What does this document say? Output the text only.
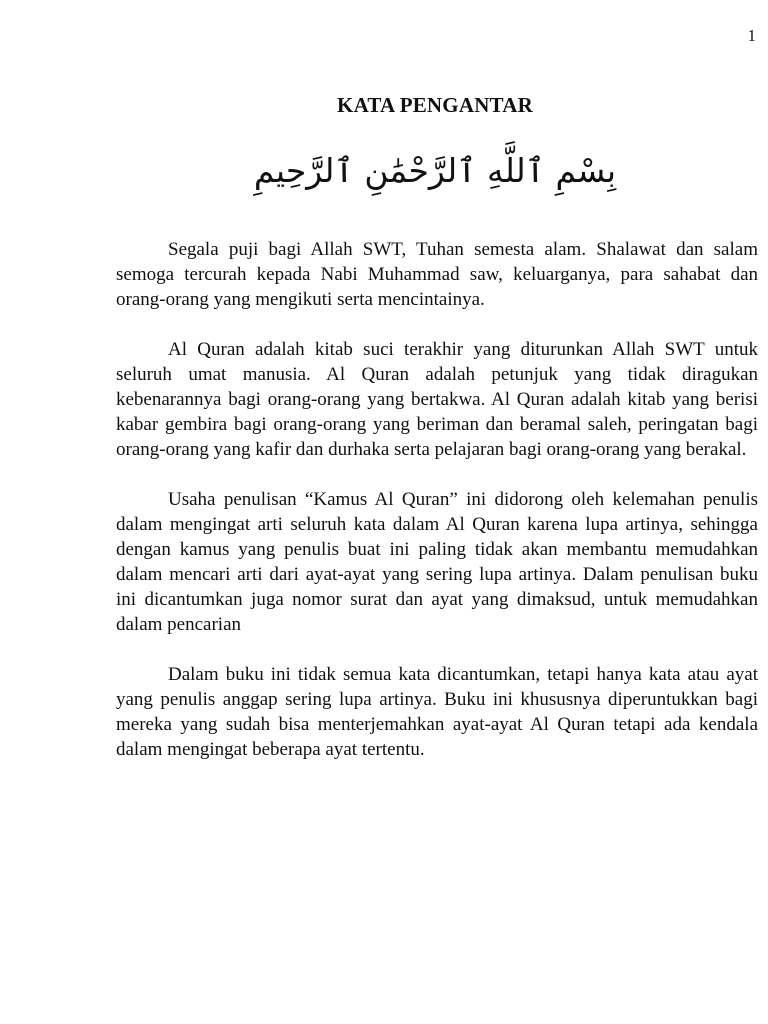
1
KATA PENGANTAR
بِسْمِ ٱللَّهِ ٱلرَّحْمَٰنِ ٱلرَّحِيمِ

Segala puji bagi Allah SWT, Tuhan semesta alam. Shalawat dan salam semoga tercurah kepada Nabi Muhammad saw, keluarganya, para sahabat dan orang-orang yang mengikuti serta mencintainya.

Al Quran adalah kitab suci terakhir yang diturunkan Allah SWT untuk seluruh umat manusia. Al Quran adalah petunjuk yang tidak diragukan kebenarannya bagi orang-orang yang bertakwa. Al Quran adalah kitab yang berisi kabar gembira bagi orang-orang yang beriman dan beramal saleh, peringatan bagi orang-orang yang kafir dan durhaka serta pelajaran bagi orang-orang yang berakal.

Usaha penulisan “Kamus Al Quran” ini didorong oleh kelemahan penulis dalam mengingat arti seluruh kata dalam Al Quran karena lupa artinya, sehingga dengan kamus yang penulis buat ini paling tidak akan membantu memudahkan dalam mencari arti dari ayat-ayat yang sering lupa artinya. Dalam penulisan buku ini dicantumkan juga nomor surat dan ayat yang dimaksud, untuk memudahkan dalam pencarian

Dalam buku ini tidak semua kata dicantumkan, tetapi hanya kata atau ayat yang penulis anggap sering lupa artinya. Buku ini khususnya diperuntukkan bagi mereka yang sudah bisa menterjemahkan ayat-ayat Al Quran tetapi ada kendala dalam mengingat beberapa ayat tertentu.
